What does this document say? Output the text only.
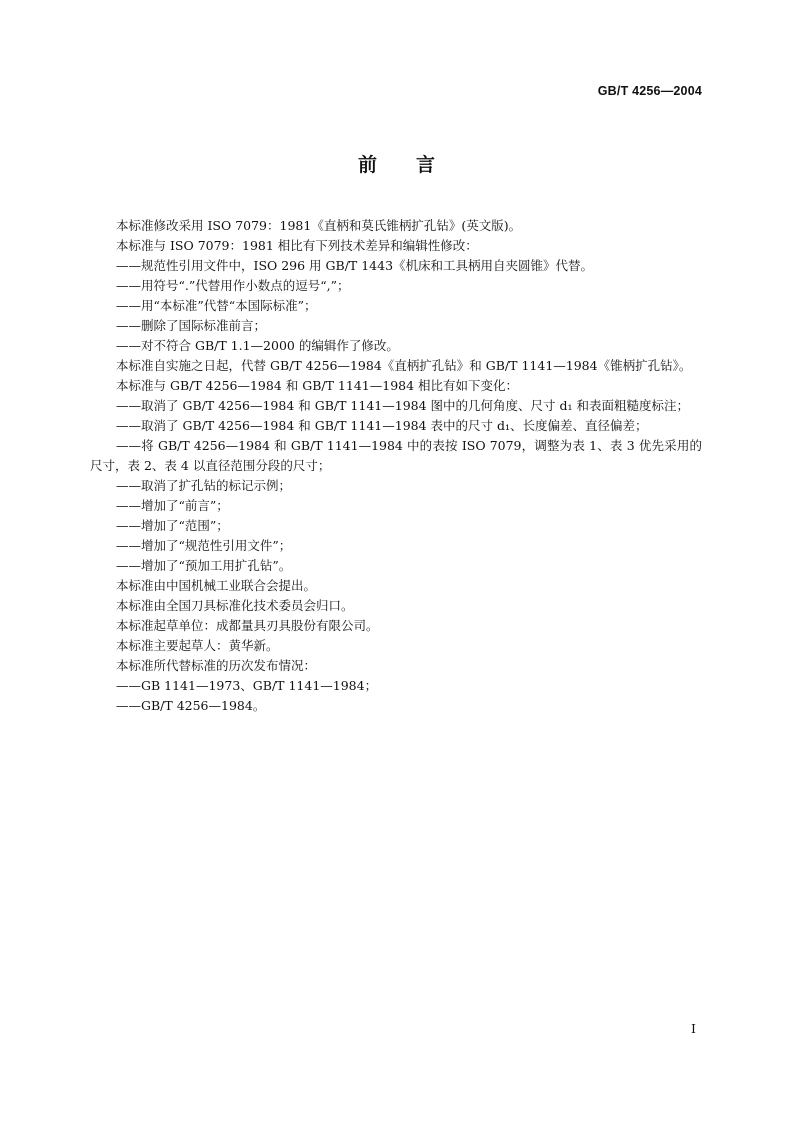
GB/T 4256—2004
前 言

本标准修改采用 ISO 7079：1981《直柄和莫氏锥柄扩孔钻》(英文版)。

本标准与 ISO 7079：1981 相比有下列技术差异和编辑性修改：

——规范性引用文件中，ISO 296 用 GB/T 1443《机床和工具柄用自夹圆锥》代替。

——用符号“.”代替用作小数点的逗号“,”；

——用“本标准”代替“本国际标准”；

——删除了国际标准前言；

——对不符合 GB/T 1.1—2000 的编辑作了修改。

本标准自实施之日起，代替 GB/T 4256—1984《直柄扩孔钻》和 GB/T 1141—1984《锥柄扩孔钻》。

本标准与 GB/T 4256—1984 和 GB/T 1141—1984 相比有如下变化：

——取消了 GB/T 4256—1984 和 GB/T 1141—1984 图中的几何角度、尺寸 d₁ 和表面粗糙度标注；

——取消了 GB/T 4256—1984 和 GB/T 1141—1984 表中的尺寸 d₁、长度偏差、直径偏差；

——将 GB/T 4256—1984 和 GB/T 1141—1984 中的表按 ISO 7079，调整为表 1、表 3 优先采用的尺寸，表 2、表 4 以直径范围分段的尺寸；

——取消了扩孔钻的标记示例；

——增加了“前言”；

——增加了“范围”；

——增加了“规范性引用文件”；

——增加了“预加工用扩孔钻”。

本标准由中国机械工业联合会提出。

本标准由全国刀具标准化技术委员会归口。

本标准起草单位：成都量具刃具股份有限公司。

本标准主要起草人：黄华新。

本标准所代替标准的历次发布情况：

——GB 1141—1973、GB/T 1141—1984；

——GB/T 4256—1984。

I
